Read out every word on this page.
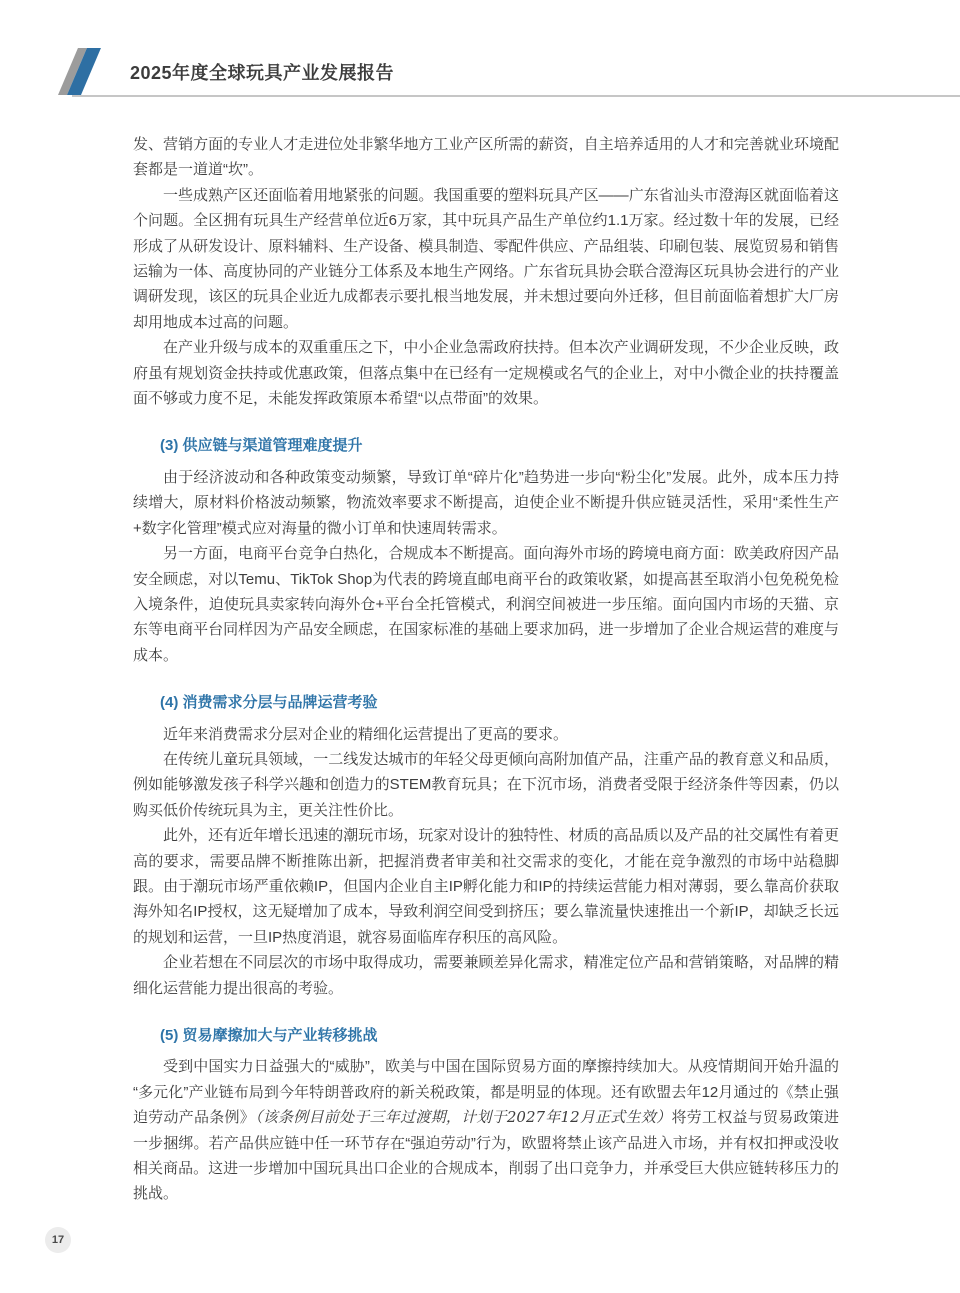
2025年度全球玩具产业发展报告

发、营销方面的专业人才走进位处非繁华地方工业产区所需的薪资，自主培养适用的人才和完善就业环境配套都是一道道“坎”。

一些成熟产区还面临着用地紧张的问题。我国重要的塑料玩具产区——广东省汕头市澄海区就面临着这个问题。全区拥有玩具生产经营单位近6万家，其中玩具产品生产单位约1.1万家。经过数十年的发展，已经形成了从研发设计、原料辅料、生产设备、模具制造、零配件供应、产品组装、印刷包装、展览贸易和销售运输为一体、高度协同的产业链分工体系及本地生产网络。广东省玩具协会联合澄海区玩具协会进行的产业调研发现，该区的玩具企业近九成都表示要扎根当地发展，并未想过要向外迁移，但目前面临着想扩大厂房却用地成本过高的问题。

在产业升级与成本的双重重压之下，中小企业急需政府扶持。但本次产业调研发现，不少企业反映，政府虽有规划资金扶持或优惠政策，但落点集中在已经有一定规模或名气的企业上，对中小微企业的扶持覆盖面不够或力度不足，未能发挥政策原本希望“以点带面”的效果。

(3) 供应链与渠道管理难度提升

由于经济波动和各种政策变动频繁，导致订单“碎片化”趋势进一步向“粉尘化”发展。此外，成本压力持续增大，原材料价格波动频繁，物流效率要求不断提高，迫使企业不断提升供应链灵活性，采用“柔性生产+数字化管理”模式应对海量的微小订单和快速周转需求。

另一方面，电商平台竞争白热化，合规成本不断提高。面向海外市场的跨境电商方面：欧美政府因产品安全顾虑，对以Temu、TikTok Shop为代表的跨境直邮电商平台的政策收紧，如提高甚至取消小包免税免检入境条件，迫使玩具卖家转向海外仓+平台全托管模式，利润空间被进一步压缩。面向国内市场的天猫、京东等电商平台同样因为产品安全顾虑，在国家标准的基础上要求加码，进一步增加了企业合规运营的难度与成本。

(4) 消费需求分层与品牌运营考验

近年来消费需求分层对企业的精细化运营提出了更高的要求。

在传统儿童玩具领域，一二线发达城市的年轻父母更倾向高附加值产品，注重产品的教育意义和品质，例如能够激发孩子科学兴趣和创造力的STEM教育玩具；在下沉市场，消费者受限于经济条件等因素，仍以购买低价传统玩具为主，更关注性价比。

此外，还有近年增长迅速的潮玩市场，玩家对设计的独特性、材质的高品质以及产品的社交属性有着更高的要求，需要品牌不断推陈出新，把握消费者审美和社交需求的变化，才能在竞争激烈的市场中站稳脚跟。由于潮玩市场严重依赖IP，但国内企业自主IP孵化能力和IP的持续运营能力相对薄弱，要么靠高价获取海外知名IP授权，这无疑增加了成本，导致利润空间受到挤压；要么靠流量快速推出一个新IP，却缺乏长远的规划和运营，一旦IP热度消退，就容易面临库存积压的高风险。

企业若想在不同层次的市场中取得成功，需要兼顾差异化需求，精准定位产品和营销策略，对品牌的精细化运营能力提出很高的考验。

(5) 贸易摩擦加大与产业转移挑战

受到中国实力日益强大的“威胁”，欧美与中国在国际贸易方面的摩擦持续加大。从疫情期间开始升温的“多元化”产业链布局到今年特朗普政府的新关税政策，都是明显的体现。还有欧盟去年12月通过的《禁止强迫劳动产品条例》（该条例目前处于三年过渡期，计划于2027年12月正式生效）将劳工权益与贸易政策进一步捆绑。若产品供应链中任一环节存在“强迫劳动”行为，欧盟将禁止该产品进入市场，并有权扣押或没收相关商品。这进一步增加中国玩具出口企业的合规成本，削弱了出口竞争力，并承受巨大供应链转移压力的挑战。

17
